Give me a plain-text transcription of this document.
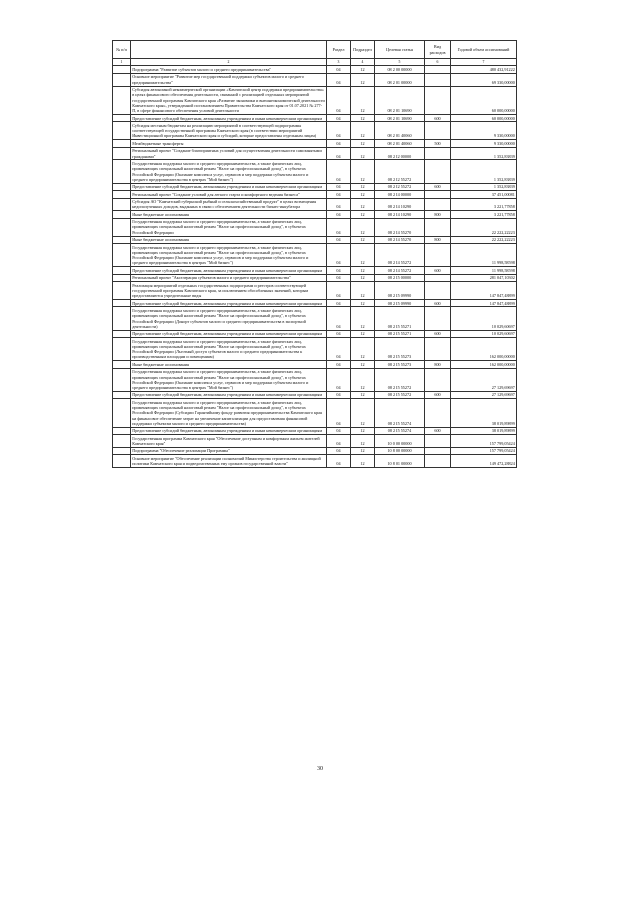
№ п/п		Раздел	Подраздел	Целевая статья	Вид расходов	Годовой объем ассигнований
1	2	3	4	5	6	7
	Подпрограмма "Развитие субъектов малого и среднего предпринимательства"	04	12	08 2 00 00000		480 432,91222
	Основное мероприятие "Развитие мер государственной поддержки субъектов малого и среднего предпринимательства"	04	12	08 2 01 00000		69 330,00000
	Субсидия автономной некоммерческой организации «Камчатский центр поддержки предпринимательства» в целях финансового обеспечения деятельности, связанной с реализацией отдельных мероприятий государственной программы Камчатского края «Развитие экономики и внешнеэкономической деятельности Камчатского края», утвержденной постановлением Правительства Камчатского края от 01.07.2021 № 277-П, в сфере финансового обеспечения условий деятельности	04	12	08 2 01 10690		60 000,00000
	Предоставление субсидий бюджетным, автономным учреждениям и иным некоммерческим организациям	04	12	08 2 01 10690	600	60 000,00000
	Субсидия местным бюджетам на реализацию мероприятий в соответствующей подпрограммы соответствующей государственной программы Камчатского края (в соответствии мероприятий Инвестиционной программы Камчатского края и субсидий, которые предоставлены отдельным лицам)	04	12	08 2 01 40060		9 330,00000
	Межбюджетные трансферты	04	12	08 2 01 40060	500	9 330,00000
	Региональный проект "Создание благоприятных условий для осуществления деятельности самозанятыми гражданами"	04	12	08 2 I2 00000		1 352,83839
	Государственная поддержка малого и среднего предпринимательства, а также физических лиц, применяющих специальный налоговый режим "Налог на профессиональный доход", в субъектах Российской Федерации (Оказание комплекса услуг, сервисов и мер поддержки субъектам малого и среднего предпринимательства в центрах "Мой бизнес")	04	12	08 2 I2 55272		1 352,83839
	Предоставление субсидий бюджетным, автономным учреждениям и иным некоммерческим организациям	04	12	08 2 I2 55272	600	1 352,83839
	Региональный проект "Создание условий для легкого старта и комфортного ведения бизнеса"	04	12	08 2 I4 00000		37 451,00081
	Субсидия АО "Камчатский губернский рыбный и сельскохозяйственный продукт" в целях возмещения недополученных доходов, выданных в связи с обеспечением деятельности бизнес-инкубатора	04	12	08 2 I4 10290		3 221,77858
	Иные бюджетные ассигнования	04	12	08 2 I4 10290	800	3 221,77858
	Государственная поддержка малого и среднего предпринимательства, а также физических лиц, применяющих специальный налоговый режим "Налог на профессиональный доход", в субъектах Российской Федерации	04	12	08 2 I4 55270		22 222,22223
	Иные бюджетные ассигнования	04	12	08 2 I4 55270	800	22 222,22223
	Государственная поддержка малого и среднего предпринимательства, а также физических лиц, применяющих специальный налоговый режим "Налог на профессиональный доход", в субъектах Российской Федерации (Оказание комплекса услуг, сервисов и мер поддержки субъектам малого и среднего предпринимательства в центрах "Мой бизнес")	04	12	08 2 I4 55272		11 998,58598
	Предоставление субсидий бюджетным, автономным учреждениям и иным некоммерческим организациям	04	12	08 2 I4 55272	600	11 998,58598
	Региональный проект "Акселерация субъектов малого и среднего предпринимательства"	04	12	08 2 I5 00000		281 047,10302
	Реализация мероприятий отдельных государственных подпрограмм и реестров соответствующей государственной программы Камчатского края, за исключением обособленных значений, которым предоставляются учредительные виды	04	12	08 2 I5 09990		147 847,48899
	Предоставление субсидий бюджетным, автономным учреждениям и иным некоммерческим организациям	04	12	08 2 I5 09990	600	147 847,48899
	Государственная поддержка малого и среднего предпринимательства, а также физических лиц, применяющих специальный налоговый режим "Налог на профессиональный доход", в субъектах Российской Федерации (Донорт субъектов малого и среднего предпринимательства в экспортной деятельности)	04	12	08 2 I5 55271		10 029,60697
	Предоставление субсидий бюджетным, автономным учреждениям и иным некоммерческим организациям	04	12	08 2 I5 55271	600	10 029,60697
	Государственная поддержка малого и среднего предпринимательства, а также физических лиц, применяющих специальный налоговый режим "Налог на профессиональный доход", в субъектах Российской Федерации (Льготный доступ субъектов малого и среднего предпринимательства к производственным площадям и помещениям)	04	12	08 2 I5 55273		162 000,00000
	Иные бюджетные ассигнования	04	12	08 2 I5 55273	800	162 000,00000
	Государственная поддержка малого и среднего предпринимательства, а также физических лиц, применяющих специальный налоговый режим "Налог на профессиональный доход", в субъектах Российской Федерации (Оказание комплекса услуг, сервисов и мер поддержки субъектам малого и среднего предпринимательства в центрах "Мой бизнес")	04	12	08 2 I5 55272		27 129,69697
	Предоставление субсидий бюджетным, автономным учреждениям и иным некоммерческим организациям	04	12	08 2 I5 55272	600	27 129,69697
	Государственная поддержка малого и среднего предпринимательства, а также физических лиц, применяющих специальный налоговый режим "Налог на профессиональный доход", в субъектах Российской Федерации (Субсидии Гарантийному фонду развития предпринимательства Камчатского края на финансовое обеспечение затрат на увеличение капитализации для предоставления финансовой поддержки субъектам малого и среднего предпринимательства)	04	12	08 2 I5 55274		38 019,89899
	Предоставление субсидий бюджетным, автономным учреждениям и иным некоммерческим организациям	04	12	08 2 I5 55274	600	38 019,89899
	Государственная программа Камчатского края "Обеспечение доступным и комфортным жильем жителей Камчатского края"	04	12	10 0 00 00000		157 799,05424
	Подпрограмма "Обеспечение реализации Программы"	04	12	10 8 00 00000		157 799,05424
	Основное мероприятие "Обеспечение реализации полномочий Министерства строительства и жилищной политики Камчатского края и подведомственных ему органов государственной власти"	04	12	10 8 01 00000		149 472,28824
30
